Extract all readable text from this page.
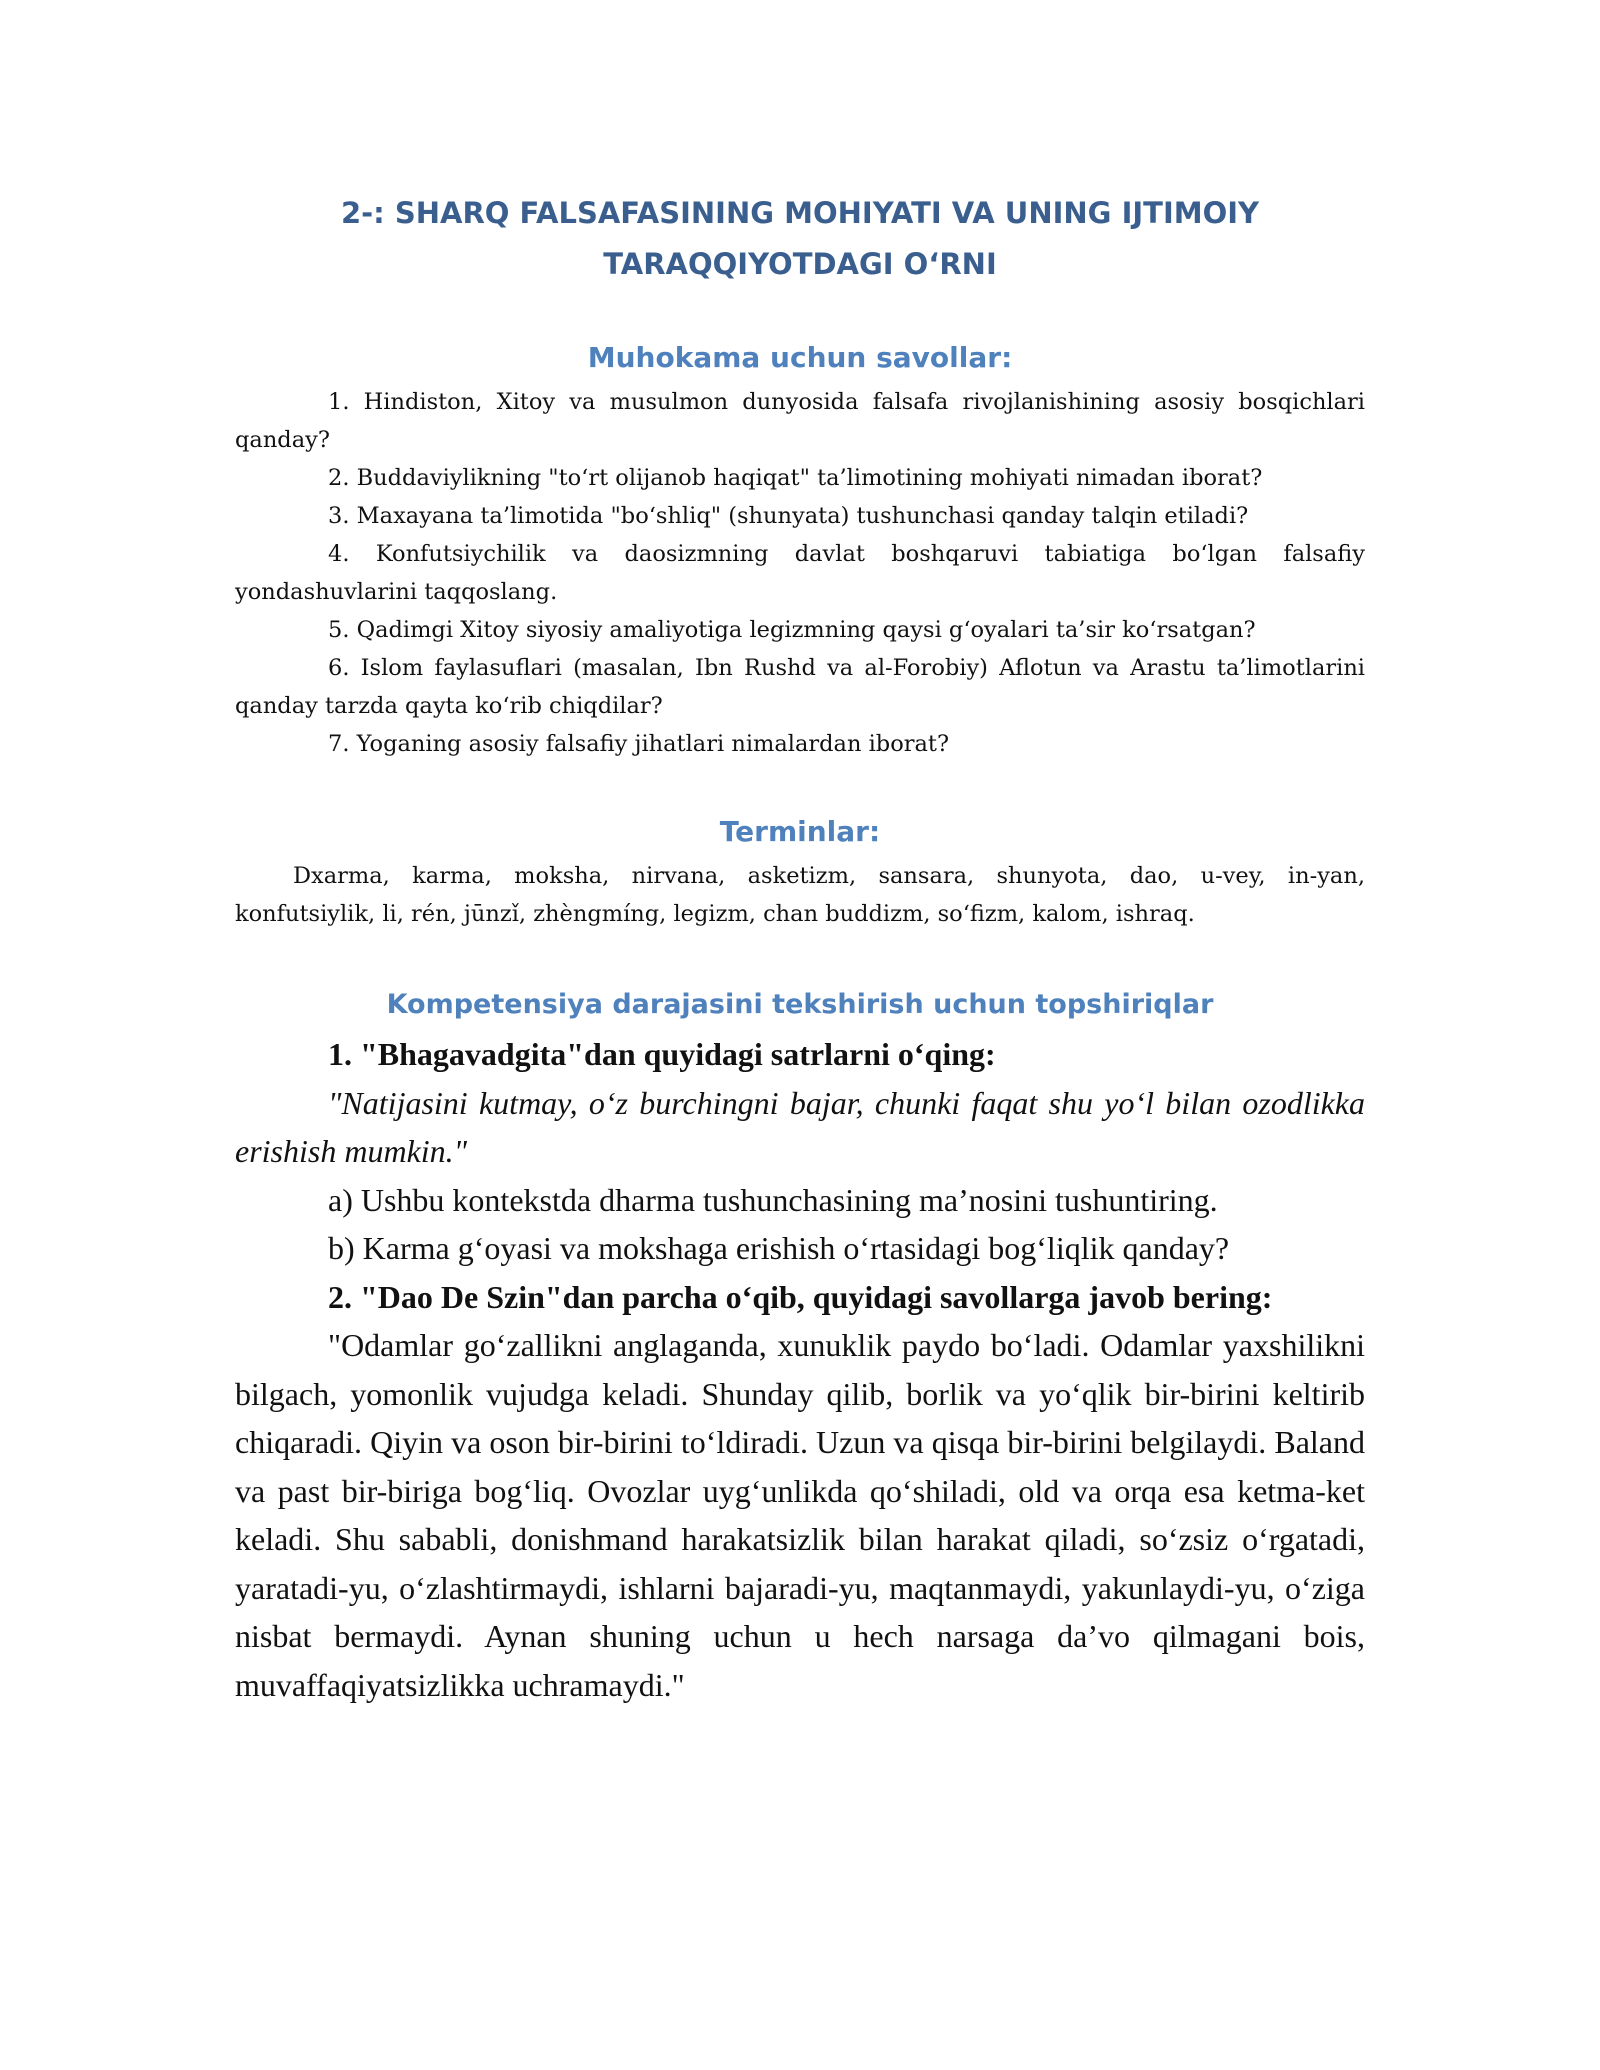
2-: SHARQ FALSAFASINING MOHIYATI VA UNING IJTIMOIY
TARAQQIYOTDAGI O‘RNI
Muhokama uchun savollar:

1. Hindiston, Xitoy va musulmon dunyosida falsafa rivojlanishining asosiy bosqichlari qanday?

2. Buddaviylikning "to‘rt olijanob haqiqat" ta’limotining mohiyati nimadan iborat?

3. Maxayana ta’limotida "bo‘shliq" (shunyata) tushunchasi qanday talqin etiladi?

4. Konfutsiychilik va daosizmning davlat boshqaruvi tabiatiga bo‘lgan falsafiy yondashuvlarini taqqoslang.

5. Qadimgi Xitoy siyosiy amaliyotiga legizmning qaysi g‘oyalari ta’sir ko‘rsatgan?

6. Islom faylasuflari (masalan, Ibn Rushd va al-Forobiy) Aflotun va Arastu ta’limotlarini qanday tarzda qayta ko‘rib chiqdilar?

7. Yoganing asosiy falsafiy jihatlari nimalardan iborat?

Terminlar:

Dxarma, karma, moksha, nirvana, asketizm, sansara, shunyota, dao, u-vey, in-yan, konfutsiylik, li, rén, jūnzǐ, zhèngmíng, legizm, chan buddizm, so‘fizm, kalom, ishraq.

Kompetensiya darajasini tekshirish uchun topshiriqlar

1. "Bhagavadgita"dan quyidagi satrlarni o‘qing:

"Natijasini kutmay, o‘z burchingni bajar, chunki faqat shu yo‘l bilan ozodlikka erishish mumkin."

a) Ushbu kontekstda dharma tushunchasining ma’nosini tushuntiring.

b) Karma g‘oyasi va mokshaga erishish o‘rtasidagi bog‘liqlik qanday?

2. "Dao De Szin"dan parcha o‘qib, quyidagi savollarga javob bering:

"Odamlar go‘zallikni anglaganda, xunuklik paydo bo‘ladi. Odamlar yaxshilikni bilgach, yomonlik vujudga keladi. Shunday qilib, borlik va yo‘qlik bir-birini keltirib chiqaradi. Qiyin va oson bir-birini to‘ldiradi. Uzun va qisqa bir-birini belgilaydi. Baland va past bir-biriga bog‘liq. Ovozlar uyg‘unlikda qo‘shiladi, old va orqa esa ketma-ket keladi. Shu sababli, donishmand harakatsizlik bilan harakat qiladi, so‘zsiz o‘rgatadi, yaratadi-yu, o‘zlashtirmaydi, ishlarni bajaradi-yu, maqtanmaydi, yakunlaydi-yu, o‘ziga nisbat bermaydi. Aynan shuning uchun u hech narsaga da’vo qilmagani bois, muvaffaqiyatsizlikka uchramaydi."
